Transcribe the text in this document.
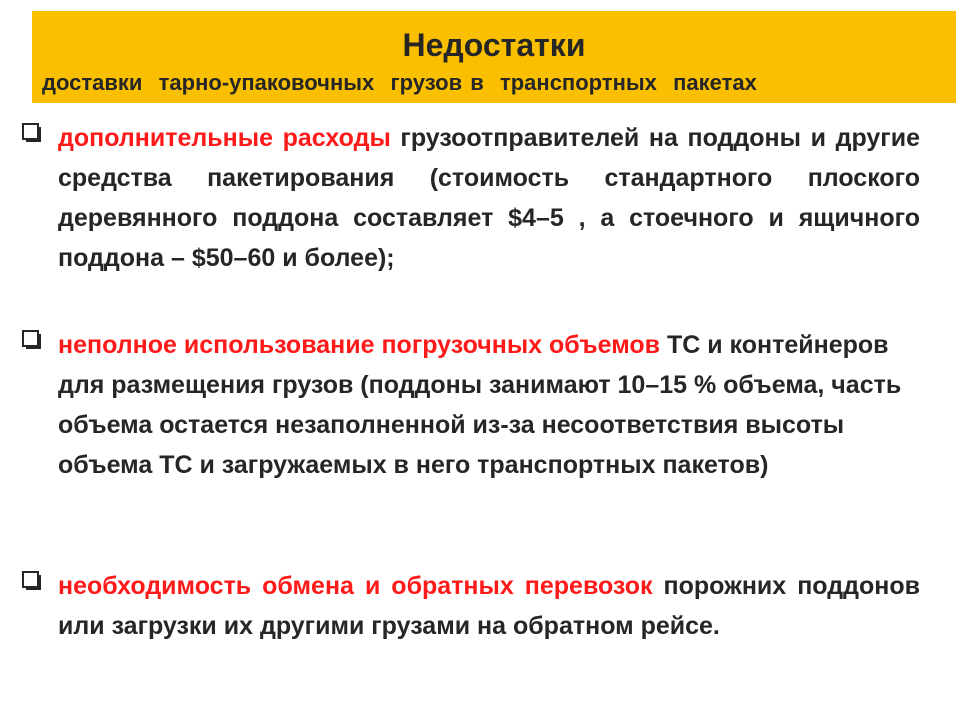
Недостатки
доставки  тарно-упаковочных  грузов в  транспортных  пакетах
дополнительные расходы грузоотправителей на поддоны и другие средства пакетирования (стоимость стандартного плоского деревянного поддона составляет $4–5 , а стоечного и ящичного поддона – $50–60 и более);
неполное использование погрузочных объемов ТС и контейнеров для размещения грузов (поддоны занимают 10–15 % объема, часть объема остается незаполненной из-за несоответствия высоты объема ТС и загружаемых в него транспортных пакетов)
необходимость обмена и обратных перевозок порожних поддонов или загрузки их другими грузами на обратном рейсе.
